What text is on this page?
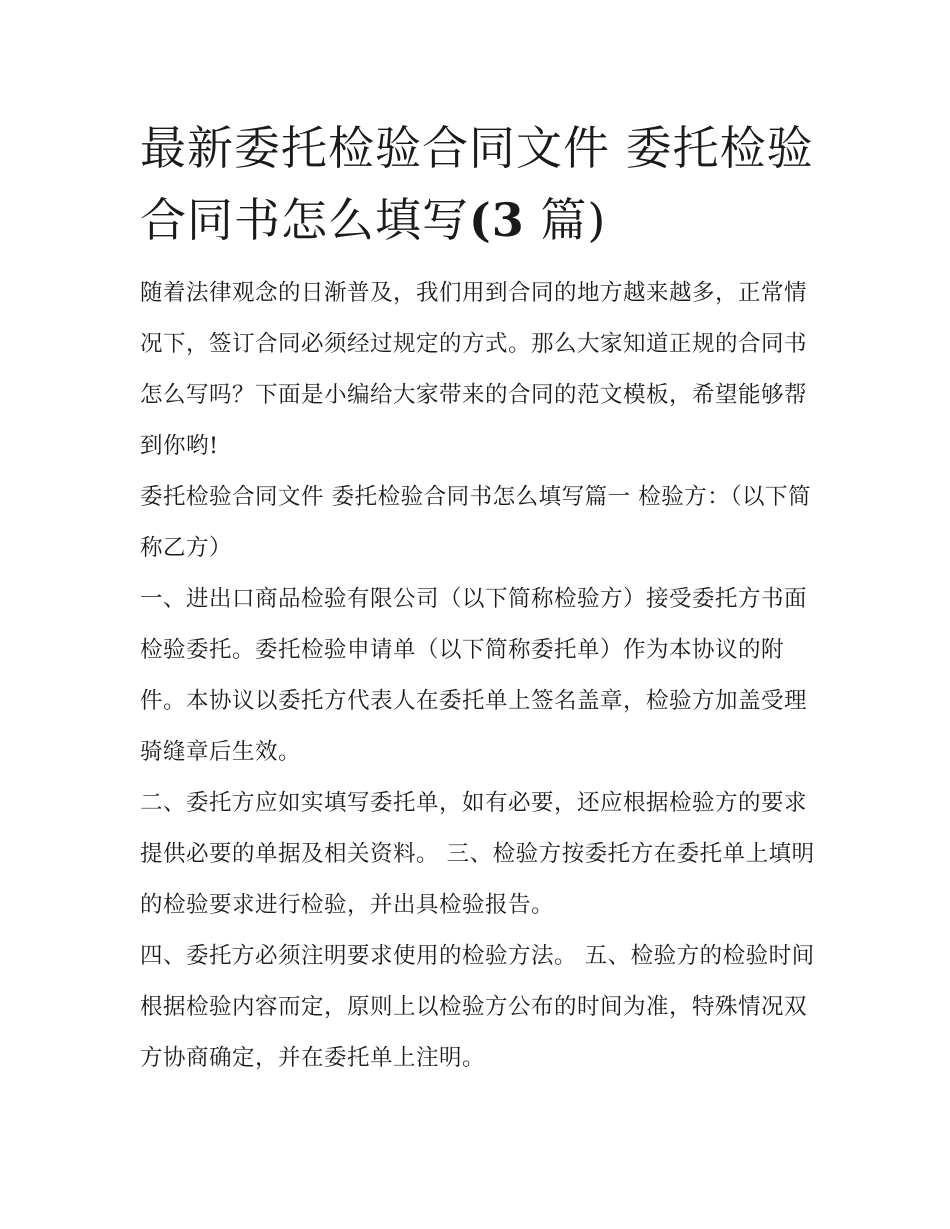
最新委托检验合同文件 委托检验合同书怎么填写(3 篇)

随着法律观念的日渐普及，我们用到合同的地方越来越多，正常情况下，签订合同必须经过规定的方式。那么大家知道正规的合同书怎么写吗？下面是小编给大家带来的合同的范文模板，希望能够帮到你哟!

委托检验合同文件 委托检验合同书怎么填写篇一 检验方：（以下简称乙方）

一、进出口商品检验有限公司（以下简称检验方）接受委托方书面检验委托。委托检验申请单（以下简称委托单）作为本协议的附件。本协议以委托方代表人在委托单上签名盖章，检验方加盖受理骑缝章后生效。

二、委托方应如实填写委托单，如有必要，还应根据检验方的要求提供必要的单据及相关资料。 三、检验方按委托方在委托单上填明的检验要求进行检验，并出具检验报告。

四、委托方必须注明要求使用的检验方法。 五、检验方的检验时间根据检验内容而定，原则上以检验方公布的时间为准，特殊情况双方协商确定，并在委托单上注明。
